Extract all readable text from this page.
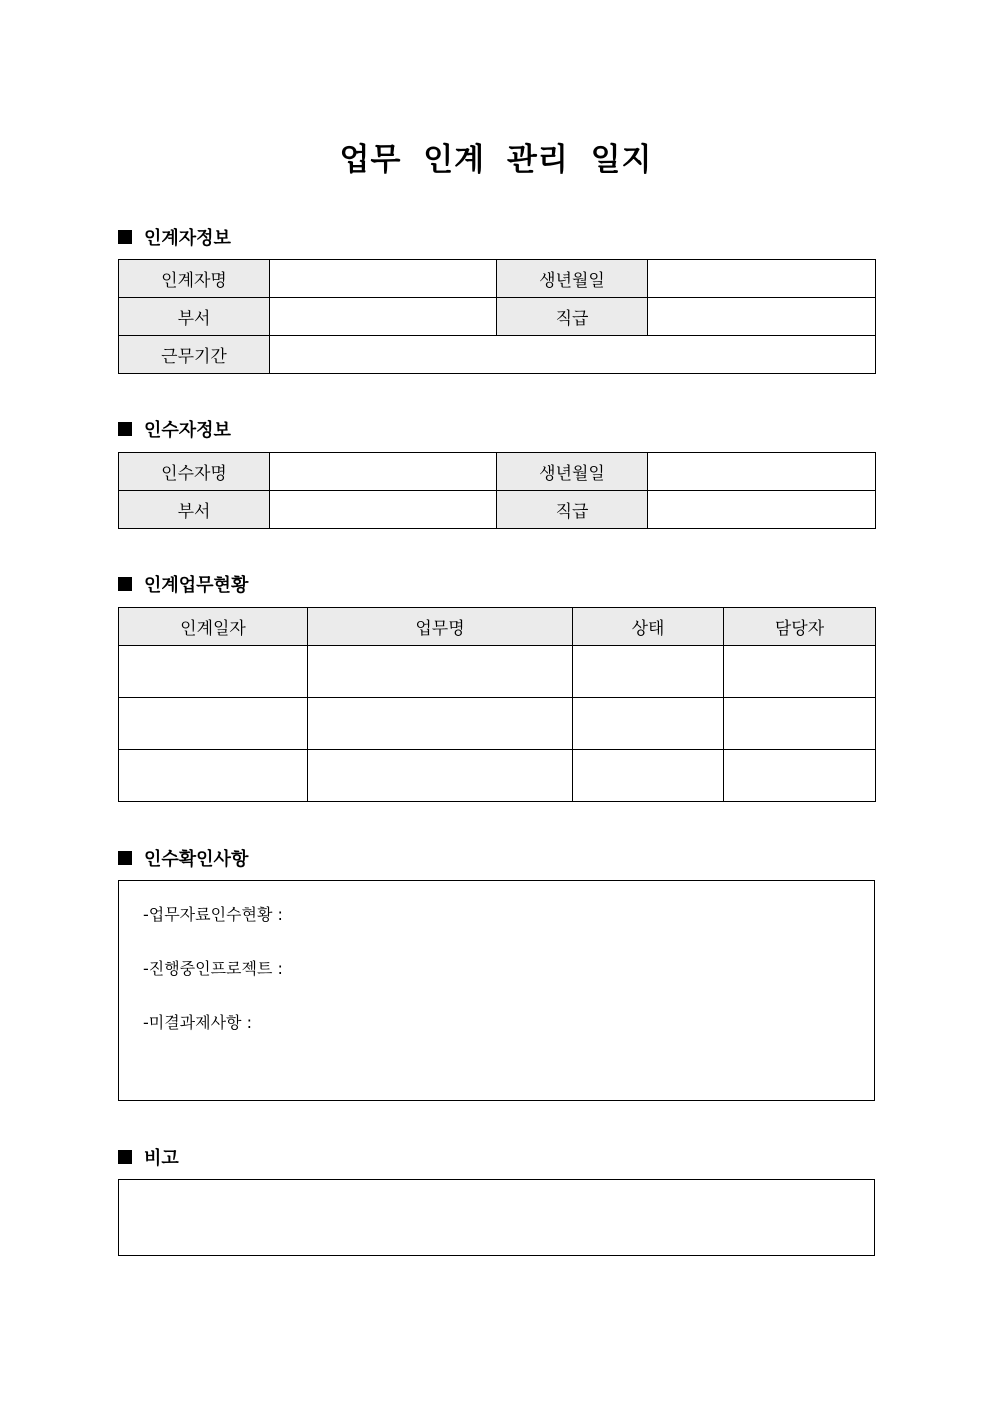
업무 인계 관리 일지
인계자정보
인계자명		생년월일	
부서		직급	
근무기간			
인수자정보
인수자명		생년월일	
부서		직급	
인계업무현황
인계일자	업무명	상태	담당자

인수확인사항
-업무자료인수현황 :
-진행중인프로젝트 :
-미결과제사항 :
비고
